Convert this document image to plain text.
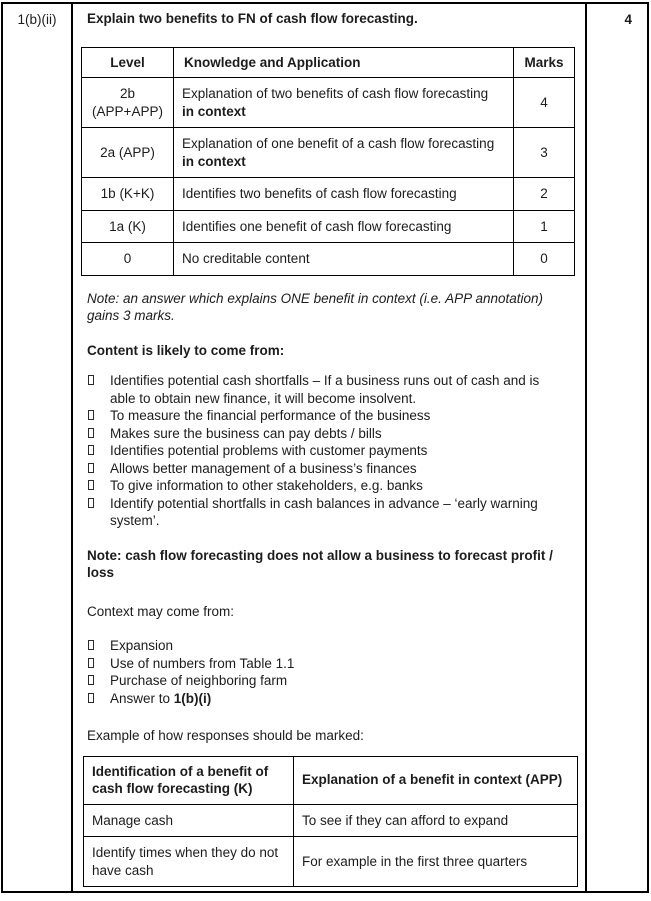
1(b)(ii)	Explain two benefits to FN of cash flow forecasting.

Level	Knowledge and Application	Marks
2b (APP+APP)	Explanation of two benefits of cash flow forecasting in context	4
2a (APP)	Explanation of one benefit of a cash flow forecasting in context	3
1b (K+K)	Identifies two benefits of cash flow forecasting	2
1a (K)	Identifies one benefit of cash flow forecasting	1
0	No creditable content	0

Note: an answer which explains ONE benefit in context (i.e. APP annotation) gains 3 marks.

Content is likely to come from:

Identifies potential cash shortfalls – If a business runs out of cash and is able to obtain new finance, it will become insolvent.
To measure the financial performance of the business
Makes sure the business can pay debts / bills
Identifies potential problems with customer payments
Allows better management of a business’s finances
To give information to other stakeholders, e.g. banks
Identify potential shortfalls in cash balances in advance – ‘early warning system’.

Note: cash flow forecasting does not allow a business to forecast profit / loss

Context may come from:

Expansion
Use of numbers from Table 1.1
Purchase of neighboring farm
Answer to 1(b)(i)

Example of how responses should be marked:

Identification of a benefit of cash flow forecasting (K)	Explanation of a benefit in context (APP)
Manage cash	To see if they can afford to expand
Identify times when they do not have cash	For example in the first three quarters
4
